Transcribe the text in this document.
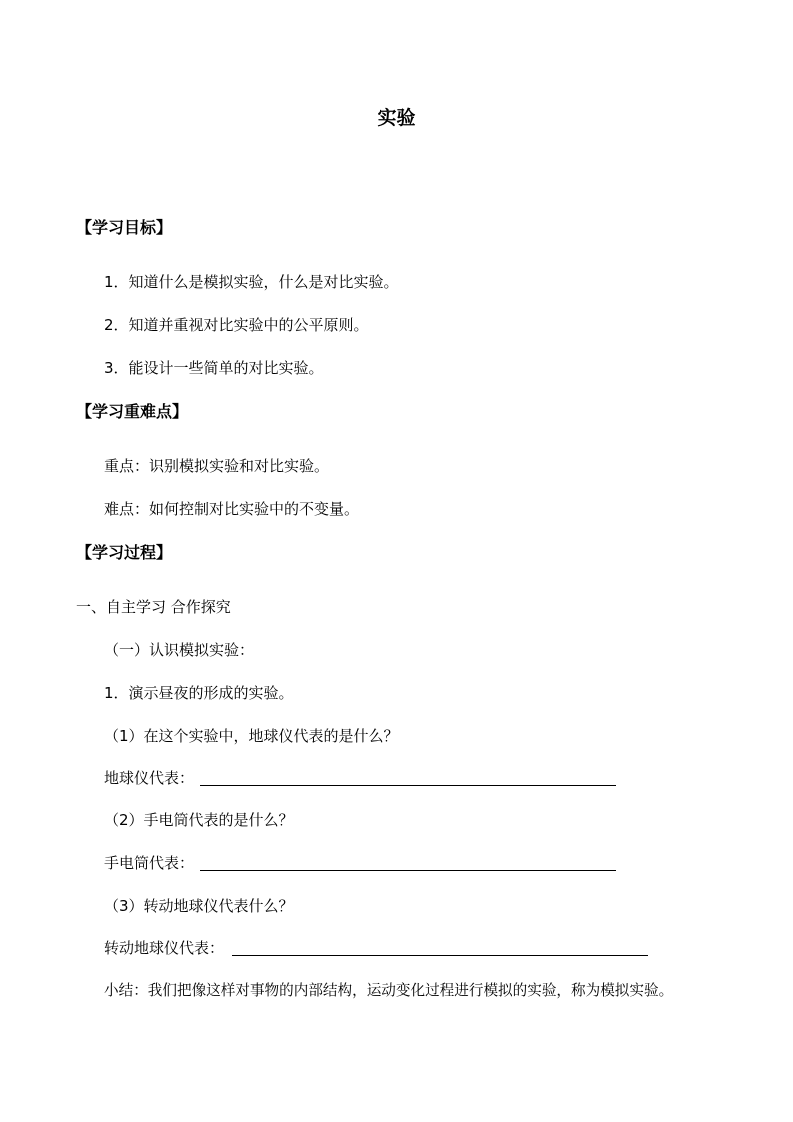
实验
【学习目标】
1．知道什么是模拟实验，什么是对比实验。
2．知道并重视对比实验中的公平原则。
3．能设计一些简单的对比实验。
【学习重难点】
重点：识别模拟实验和对比实验。
难点：如何控制对比实验中的不变量。
【学习过程】
一、自主学习 合作探究
（一）认识模拟实验：
1．演示昼夜的形成的实验。
（1）在这个实验中，地球仪代表的是什么？
地球仪代表：
（2）手电筒代表的是什么？
手电筒代表：
（3）转动地球仪代表什么？
转动地球仪代表：
小结：我们把像这样对事物的内部结构，运动变化过程进行模拟的实验，称为模拟实验。
